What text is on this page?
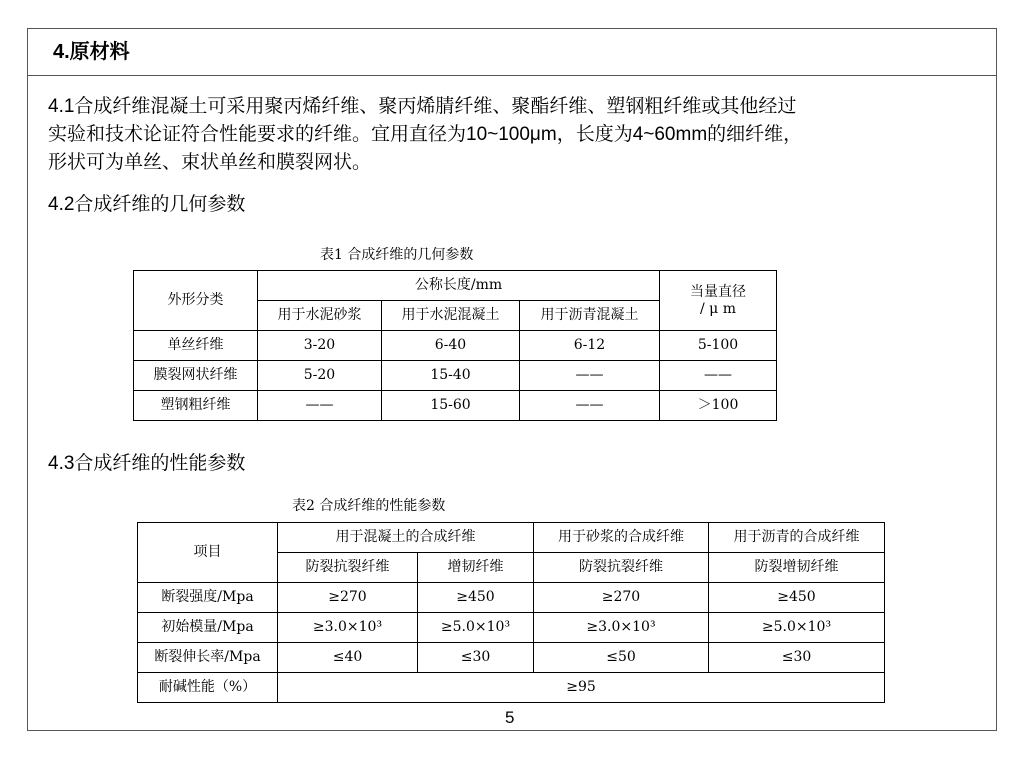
4.原材料
4.1合成纤维混凝土可采用聚丙烯纤维、聚丙烯腈纤维、聚酯纤维、塑钢粗纤维或其他经过
实验和技术论证符合性能要求的纤维。宜用直径为10~100μm，长度为4~60mm的细纤维，
形状可为单丝、束状单丝和膜裂网状。
4.2合成纤维的几何参数
表1 合成纤维的几何参数
外形分类	公称长度/mm			当量直径
/ μ m

	用于水泥砂浆	用于水泥混凝土	用于沥青混凝土	
单丝纤维	3-20	6-40	6-12	5-100
膜裂网状纤维	5-20	15-40	——	——
塑钢粗纤维	——	15-60	——	＞100
4.3合成纤维的性能参数
表2 合成纤维的性能参数
项目	用于混凝土的合成纤维		用于砂浆的合成纤维	用于沥青的合成纤维
	防裂抗裂纤维	增韧纤维	防裂抗裂纤维	防裂增韧纤维
断裂强度/Mpa	≥270	≥450	≥270	≥450
初始模量/Mpa	≥3.0×10³	≥5.0×10³	≥3.0×10³	≥5.0×10³
断裂伸长率/Mpa	≤40	≤30	≤50	≤30
耐碱性能（%）	≥95			
5
